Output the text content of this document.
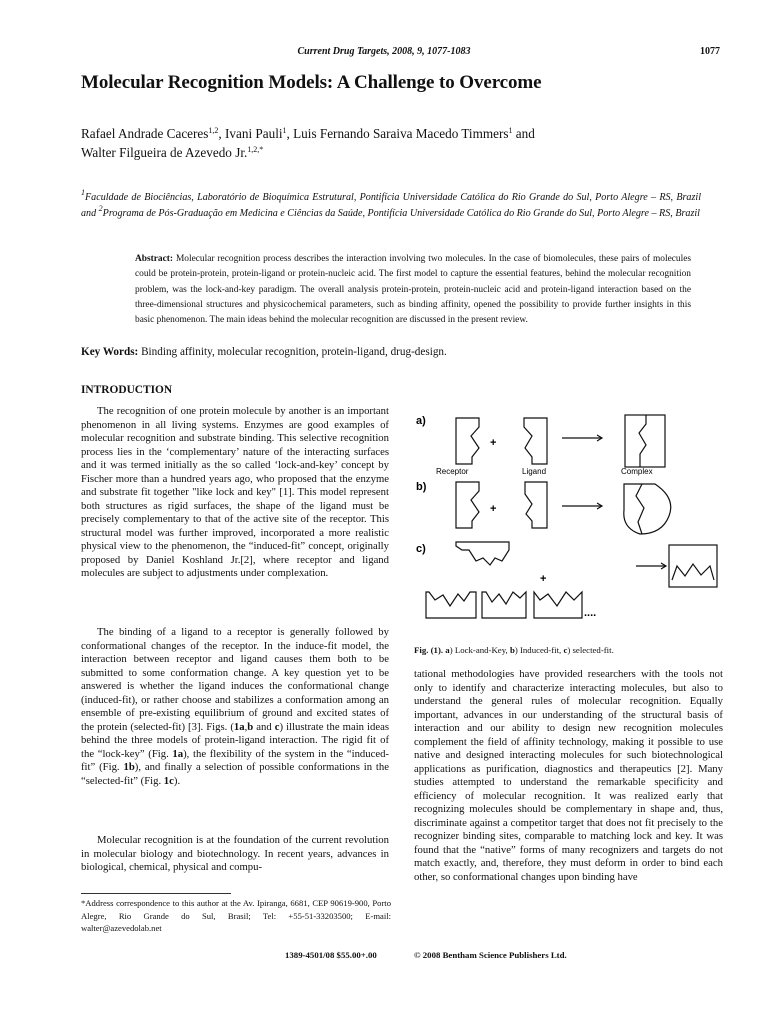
Current Drug Targets, 2008, 9, 1077-1083	1077
Molecular Recognition Models: A Challenge to Overcome
Rafael Andrade Caceres$^{1,2}$, Ivani Pauli$^1$, Luis Fernando Saraiva Macedo Timmers$^1$ and
Walter Filgueira de Azevedo Jr.$^{1,2,*}$
$^1$Faculdade de Biociências, Laboratório de Bioquímica Estrutural, Pontifícia Universidade Católica do Rio Grande do Sul, Porto Alegre – RS, Brazil and $^2$Programa de Pós-Graduação em Medicina e Ciências da Saúde, Pontifícia Universidade Católica do Rio Grande do Sul, Porto Alegre – RS, Brazil
Abstract: Molecular recognition process describes the interaction involving two molecules. In the case of biomolecules, these pairs of molecules could be protein-protein, protein-ligand or protein-nucleic acid. The first model to capture the essential features, behind the molecular recognition problem, was the lock-and-key paradigm. The overall analysis protein-protein, protein-nucleic acid and protein-ligand interaction based on the three-dimensional structures and physicochemical parameters, such as binding affinity, opened the possibility to provide further insights in this basic phenomenon. The main ideas behind the molecular recognition are discussed in the present review.
Key Words: Binding affinity, molecular recognition, protein-ligand, drug-design.
INTRODUCTION

The recognition of one protein molecule by another is an important phenomenon in all living systems. Enzymes are good examples of molecular recognition and substrate binding. This selective recognition process lies in the ‘complementary’ nature of the interacting surfaces and it was termed initially as the so called ‘lock-and-key’ concept by Fischer more than a hundred years ago, who proposed that the enzyme and substrate fit together "like lock and key" [1]. This model represent both structures as rigid surfaces, the shape of the ligand must be precisely complementary to that of the active site of the receptor. This structural model was further improved, incorporated a more realistic physical view to the phenomenon, the “induced-fit” concept, originally proposed by Daniel Koshland Jr.[2], where receptor and ligand molecules are subject to adjustments under complexation.

The binding of a ligand to a receptor is generally followed by conformational changes of the receptor. In the induce-fit model, the interaction between receptor and ligand causes them both to be submitted to some conformation change. A key question yet to be answered is whether the ligand induces the conformational change (induced-fit), or rather choose and stabilizes a conformation among an ensemble of pre-existing equilibrium of ground and excited states of the protein (selected-fit) [3]. Figs. (1a,b and c) illustrate the main ideas behind the three models of protein-ligand interaction. The rigid fit of the “lock-key” (Fig. 1a), the flexibility of the system in the “induced-fit” (Fig. 1b), and finally a selection of possible conformations in the “selected-fit” (Fig. 1c).

Molecular recognition is at the foundation of the current revolution in molecular biology and biotechnology. In recent years, advances in biological, chemical, physical and compu-

a)
b)
c)
+
+
+
Receptor	Ligand	Complex
....
Fig. (1). a) Lock-and-Key, b) Induced-fit, c) selected-fit.

tational methodologies have provided researchers with the tools not only to identify and characterize interacting molecules, but also to understand the general rules of molecular recognition. Equally important, advances in our understanding of the structural basis of interaction and our ability to design new recognition molecules complement the field of affinity technology, making it possible to use native and designed interacting molecules for such biotechnological applications as purification, diagnostics and therapeutics [2]. Many studies attempted to understand the remarkable specificity and efficiency of molecular recognition. It was realized early that recognizing molecules should be complementary in shape and, thus, discriminate against a competitor target that does not fit precisely to the recognizer binding sites, comparable to matching lock and key. It was found that the “native” forms of many recognizers and targets do not match exactly, and, therefore, they must deform in order to bind each other, so conformational changes upon binding have

*Address correspondence to this author at the Av. Ipiranga, 6681, CEP 90619-900, Porto Alegre, Rio Grande do Sul, Brasil; Tel: +55-51-33203500; E-mail: walter@azevedolab.net
1389-4501/08 $55.00+.00	© 2008 Bentham Science Publishers Ltd.
